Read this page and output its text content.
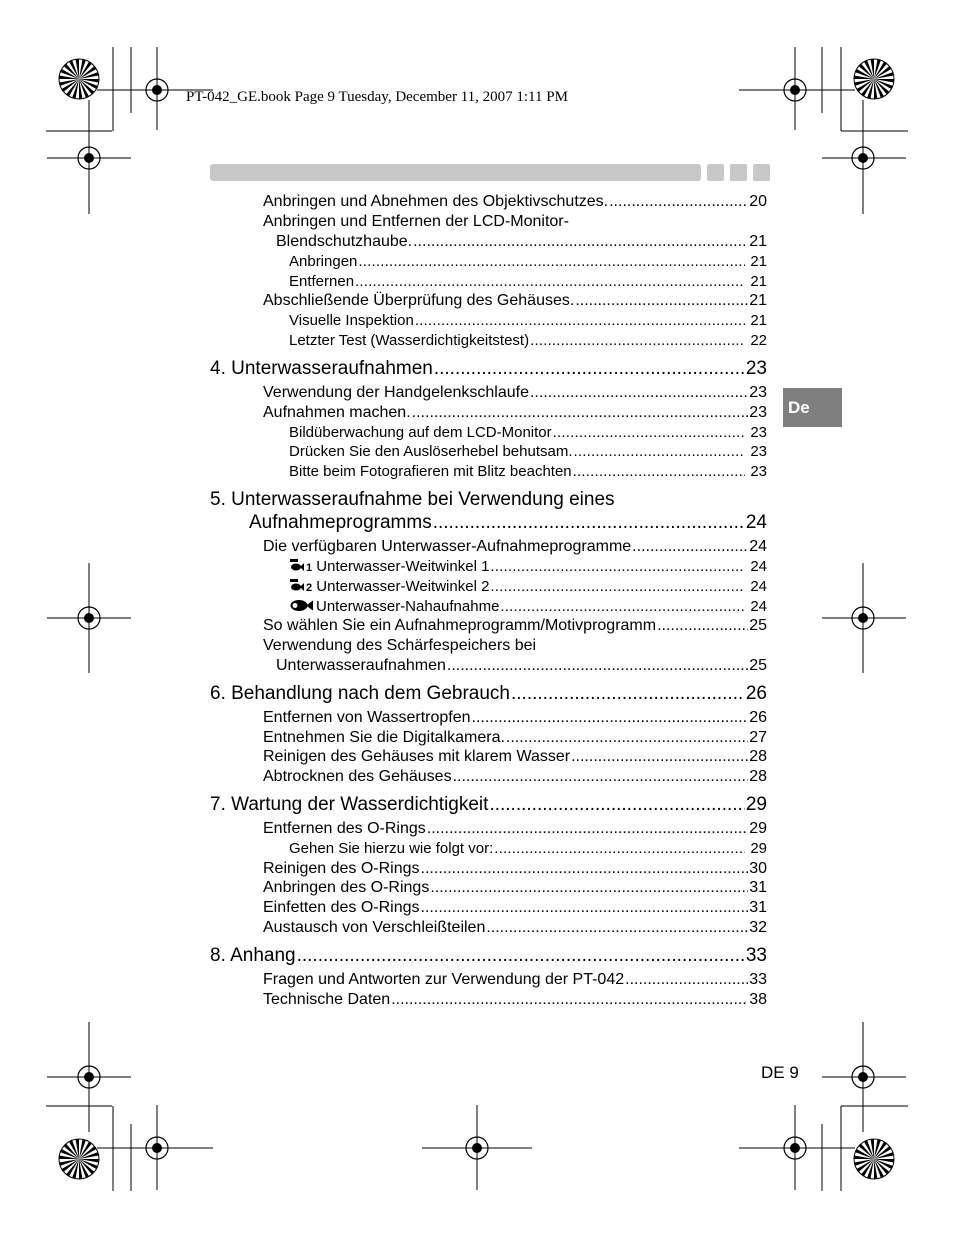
PT-042_GE.book Page 9 Tuesday, December 11, 2007 1:11 PM
De
Anbringen und Abnehmen des Objektivschutzes. .....	20
Anbringen und Entfernen der LCD-Monitor-
Blendschutzhaube. .....	21
Anbringen .....	21
Entfernen .....	21
Abschließende Überprüfung des Gehäuses. .....	21
Visuelle Inspektion .....	21
Letzter Test (Wasserdichtigkeitstest) .....	22
4. Unterwasseraufnahmen .....	23
Verwendung der Handgelenkschlaufe .....	23
Aufnahmen machen. .....	23
Bildüberwachung auf dem LCD-Monitor .....	23
Drücken Sie den Auslöserhebel behutsam. .....	23
Bitte beim Fotografieren mit Blitz beachten .....	23
5. Unterwasseraufnahme bei Verwendung eines
Aufnahmeprogramms .....	24
Die verfügbaren Unterwasser-Aufnahmeprogramme .....	24
1 Unterwasser-Weitwinkel 1 .....	24
2 Unterwasser-Weitwinkel 2 .....	24
Unterwasser-Nahaufnahme .....	24
So wählen Sie ein Aufnahmeprogramm/Motivprogramm .....	25
Verwendung des Schärfespeichers bei
Unterwasseraufnahmen .....	25
6. Behandlung nach dem Gebrauch .....	26
Entfernen von Wassertropfen .....	26
Entnehmen Sie die Digitalkamera. .....	27
Reinigen des Gehäuses mit klarem Wasser .....	28
Abtrocknen des Gehäuses .....	28
7. Wartung der Wasserdichtigkeit .....	29
Entfernen des O-Rings .....	29
Gehen Sie hierzu wie folgt vor: .....	29
Reinigen des O-Rings .....	30
Anbringen des O-Rings .....	31
Einfetten des O-Rings .....	31
Austausch von Verschleißteilen .....	32
8. Anhang .....	33
Fragen und Antworten zur Verwendung der PT-042 .....	33
Technische Daten .....	38
DE 9
